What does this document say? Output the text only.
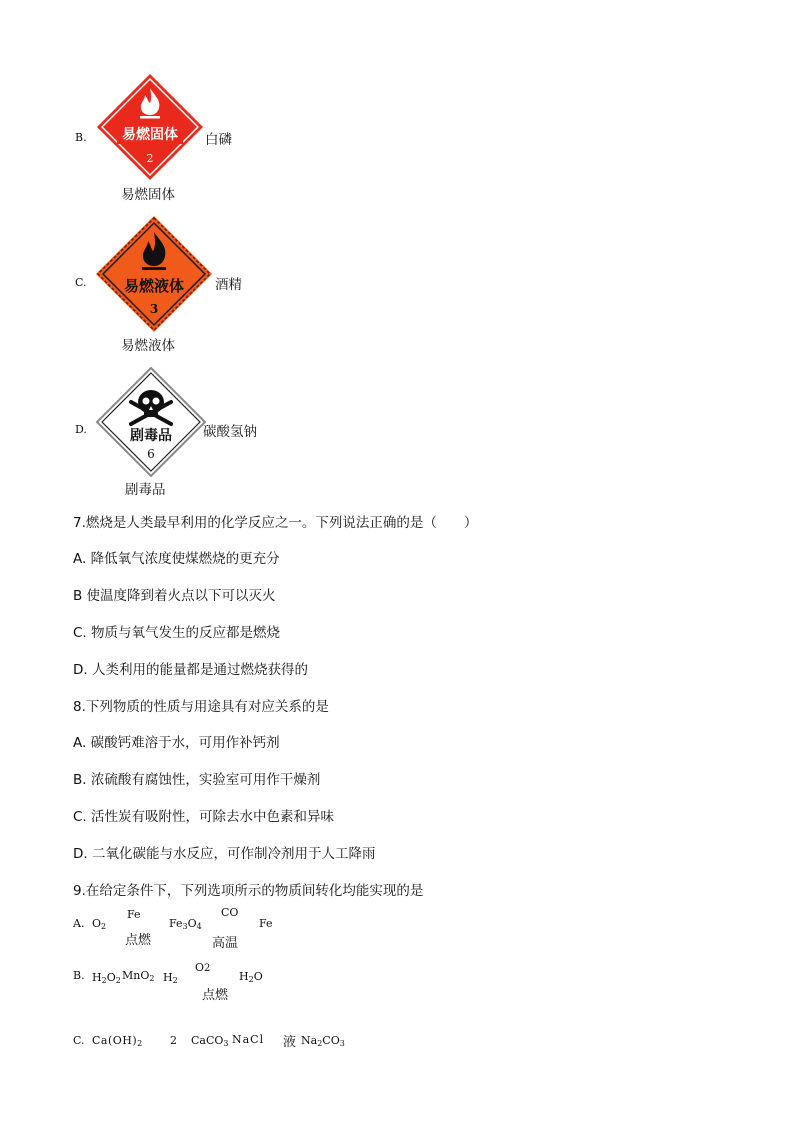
B.	易燃固体
2
白磷
易燃固体
C. 易燃液体
3
酒精
易燃液体
D.	剧毒品
6
碳酸氢钠
剧毒品
7.燃烧是人类最早利用的化学反应之一。下列说法正确的是（　　）
A. 降低氧气浓度使煤燃烧的更充分
B 使温度降到着火点以下可以灭火
C. 物质与氧气发生的反应都是燃烧
D. 人类利用的能量都是通过燃烧获得的
8.下列物质的性质与用途具有对应关系的是
A. 碳酸钙难溶于水，可用作补钙剂
B. 浓硫酸有腐蚀性，实验室可用作干燥剂
C. 活性炭有吸附性，可除去水中色素和异味
D. 二氧化碳能与水反应，可作制冷剂用于人工降雨
9.在给定条件下，下列选项所示的物质间转化均能实现的是
A. $O_2$
Fe
点燃
$Fe_3O_4$
CO
高温
Fe
B. $H_2O_2$ MnO$_2$ $H_2$
O2
点燃
$H_2O$
C. $Ca(OH)_2$ 2 CaCO$_3$ NaCl 液 $Na_2CO_3$
